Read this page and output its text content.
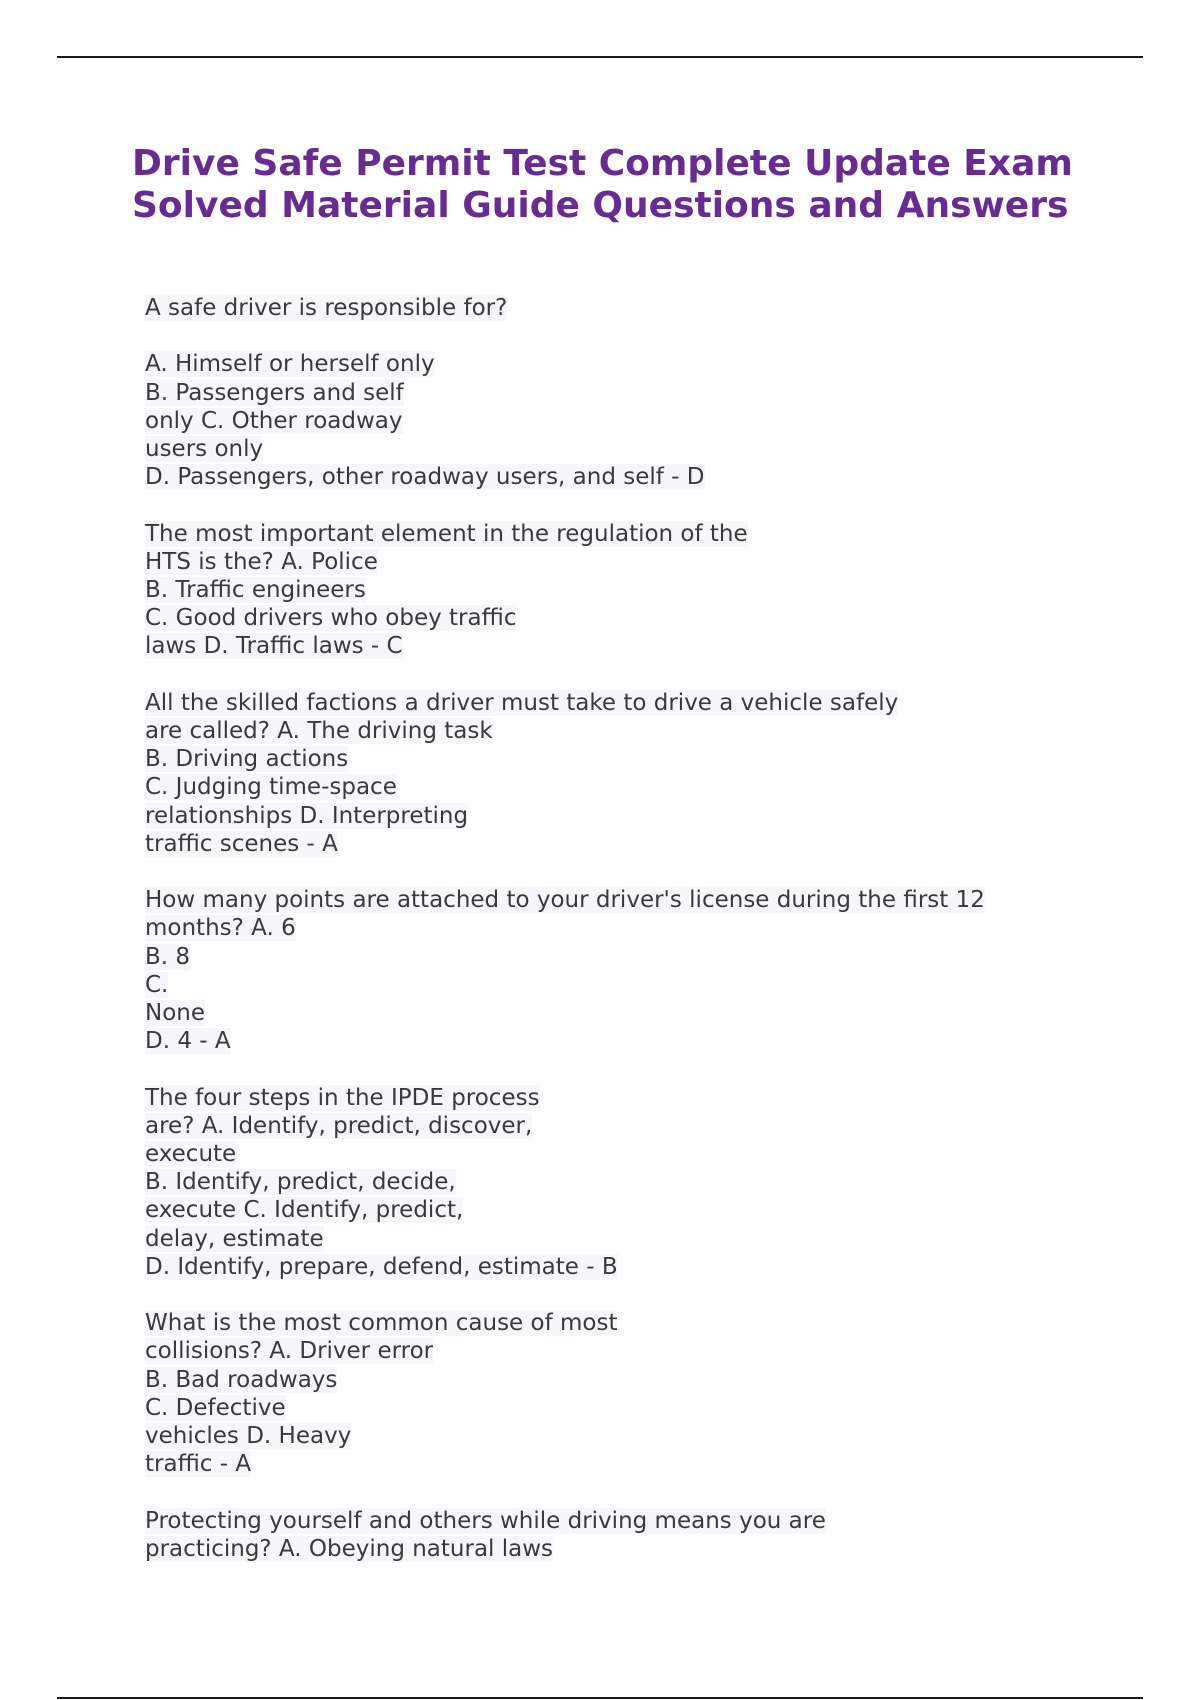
Drive Safe Permit Test Complete Update Exam
Solved Material Guide Questions and Answers
A safe driver is responsible for?

A. Himself or herself only
B. Passengers and self
only C. Other roadway
users only
D. Passengers, other roadway users, and self - D
The most important element in the regulation of the
HTS is the? A. Police
B. Traffic engineers
C. Good drivers who obey traffic
laws D. Traffic laws - C
All the skilled factions a driver must take to drive a vehicle safely
are called? A. The driving task
B. Driving actions
C. Judging time-space
relationships D. Interpreting
traffic scenes - A
How many points are attached to your driver's license during the first 12
months? A. 6
B. 8
C.
None
D. 4 - A
The four steps in the IPDE process
are? A. Identify, predict, discover,
execute
B. Identify, predict, decide,
execute C. Identify, predict,
delay, estimate
D. Identify, prepare, defend, estimate - B
What is the most common cause of most
collisions? A. Driver error
B. Bad roadways
C. Defective
vehicles D. Heavy
traffic - A
Protecting yourself and others while driving means you are
practicing? A. Obeying natural laws
